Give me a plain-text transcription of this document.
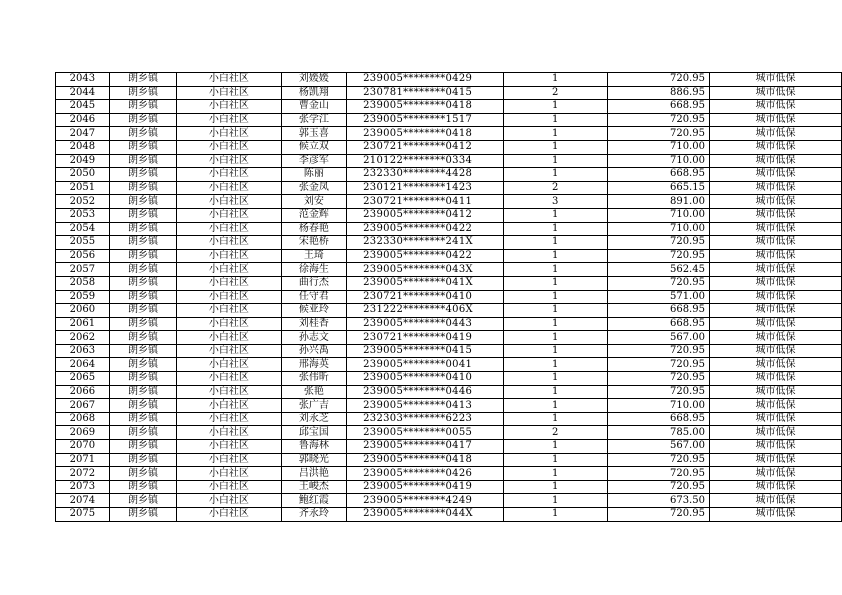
2043	朗乡镇	小白社区	刘媛媛	239005********0429	1	720.95	城市低保
2044	朗乡镇	小白社区	杨凯翔	230781********0415	2	886.95	城市低保
2045	朗乡镇	小白社区	曹金山	239005********0418	1	668.95	城市低保
2046	朗乡镇	小白社区	张学江	239005********1517	1	720.95	城市低保
2047	朗乡镇	小白社区	郭玉喜	239005********0418	1	720.95	城市低保
2048	朗乡镇	小白社区	候立双	230721********0412	1	710.00	城市低保
2049	朗乡镇	小白社区	李彦军	210122********0334	1	710.00	城市低保
2050	朗乡镇	小白社区	陈丽	232330********4428	1	668.95	城市低保
2051	朗乡镇	小白社区	张金凤	230121********1423	2	665.15	城市低保
2052	朗乡镇	小白社区	刘安	230721********0411	3	891.00	城市低保
2053	朗乡镇	小白社区	范金辉	239005********0412	1	710.00	城市低保
2054	朗乡镇	小白社区	杨春艳	239005********0422	1	710.00	城市低保
2055	朗乡镇	小白社区	宋艳桥	232330********241X	1	720.95	城市低保
2056	朗乡镇	小白社区	王琦	239005********0422	1	720.95	城市低保
2057	朗乡镇	小白社区	徐海生	239005********043X	1	562.45	城市低保
2058	朗乡镇	小白社区	曲行杰	239005********041X	1	720.95	城市低保
2059	朗乡镇	小白社区	任守君	230721********0410	1	571.00	城市低保
2060	朗乡镇	小白社区	候亚玲	231222********406X	1	668.95	城市低保
2061	朗乡镇	小白社区	刘桂香	239005********0443	1	668.95	城市低保
2062	朗乡镇	小白社区	孙志文	230721********0419	1	567.00	城市低保
2063	朗乡镇	小白社区	孙兴禹	239005********0415	1	720.95	城市低保
2064	朗乡镇	小白社区	邢海英	239005********0041	1	720.95	城市低保
2065	朗乡镇	小白社区	张伟昕	239005********0410	1	720.95	城市低保
2066	朗乡镇	小白社区	张艳	239005********0446	1	720.95	城市低保
2067	朗乡镇	小白社区	张广吉	239005********0413	1	710.00	城市低保
2068	朗乡镇	小白社区	刘永芝	232303********6223	1	668.95	城市低保
2069	朗乡镇	小白社区	邱宝国	239005********0055	2	785.00	城市低保
2070	朗乡镇	小白社区	鲁海林	239005********0417	1	567.00	城市低保
2071	朗乡镇	小白社区	郭晓光	239005********0418	1	720.95	城市低保
2072	朗乡镇	小白社区	吕洪艳	239005********0426	1	720.95	城市低保
2073	朗乡镇	小白社区	王峻杰	239005********0419	1	720.95	城市低保
2074	朗乡镇	小白社区	鲍红霞	239005********4249	1	673.50	城市低保
2075	朗乡镇	小白社区	齐永玲	239005********044X	1	720.95	城市低保
